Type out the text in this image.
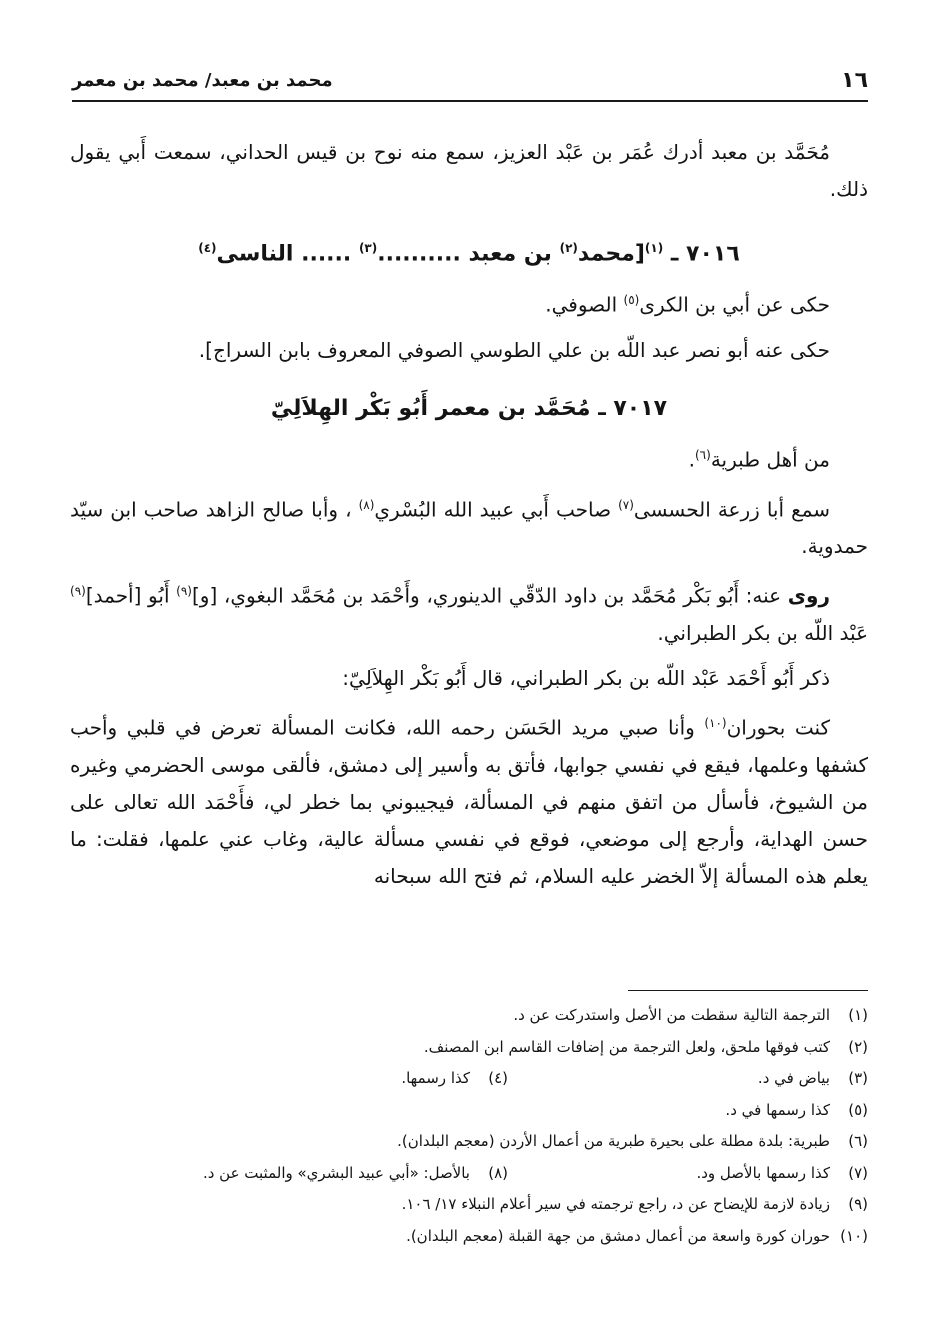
١٦
محمد بن معبد/ محمد بن معمر

مُحَمَّد بن معبد أدرك عُمَر بن عَبْد العزيز، سمع منه نوح بن قيس الحداني، سمعت أَبي يقول ذلك.

٧٠١٦ ـ $^{(١)}$[محمد$^{(٢)}$ بن معبد ..........$^{(٣)}$ ...... الناسى$^{(٤)}$

حكى عن أبي بن الكرى$^{(٥)}$ الصوفي.

حكى عنه أبو نصر عبد اللّه بن علي الطوسي الصوفي المعروف بابن السراج].

٧٠١٧ ـ مُحَمَّد بن معمر أَبُو بَكْر الهِلاَلِيّ

من أهل طبرية$^{(٦)}$.

سمع أبا زرعة الحسسى$^{(٧)}$ صاحب أَبي عبيد الله البُسْري$^{(٨)}$ ، وأبا صالح الزاهد صاحب ابن سيّد حمدوية.

روى عنه: أَبُو بَكْر مُحَمَّد بن داود الدّقّي الدينوري، وأَحْمَد بن مُحَمَّد البغوي، [و]$^{(٩)}$ أَبُو [أحمد]$^{(٩)}$ عَبْد اللّه بن بكر الطبراني.

ذكر أَبُو أَحْمَد عَبْد اللّه بن بكر الطبراني، قال أَبُو بَكْر الهِلاَلِيّ:

كنت بحوران$^{(١٠)}$ وأنا صبي مريد الحَسَن رحمه الله، فكانت المسألة تعرض في قلبي وأحب كشفها وعلمها، فيقع في نفسي جوابها، فأتق به وأسير إلى دمشق، فألقى موسى الحضرمي وغيره من الشيوخ، فأسأل من اتفق منهم في المسألة، فيجيبوني بما خطر لي، فأَحْمَد الله تعالى على حسن الهداية، وأرجع إلى موضعي، فوقع في نفسي مسألة عالية، وغاب عني علمها، فقلت: ما يعلم هذه المسألة إلاّ الخضر عليه السلام، ثم فتح الله سبحانه

(١)
الترجمة التالية سقطت من الأصل واستدركت عن د.
(٢)
كتب فوقها ملحق، ولعل الترجمة من إضافات القاسم ابن المصنف.
(٣)
بياض في د.
(٤)
كذا رسمها.
(٥)
كذا رسمها في د.
(٦)
طبرية: بلدة مطلة على بحيرة طبرية من أعمال الأردن (معجم البلدان).
(٧)
كذا رسمها بالأصل ود.
(٨)
بالأصل: «أبي عبيد البشري» والمثبت عن د.
(٩)
زيادة لازمة للإيضاح عن د، راجع ترجمته في سير أعلام النبلاء ١٧/ ١٠٦.
(١٠)
حوران كورة واسعة من أعمال دمشق من جهة القبلة (معجم البلدان).
